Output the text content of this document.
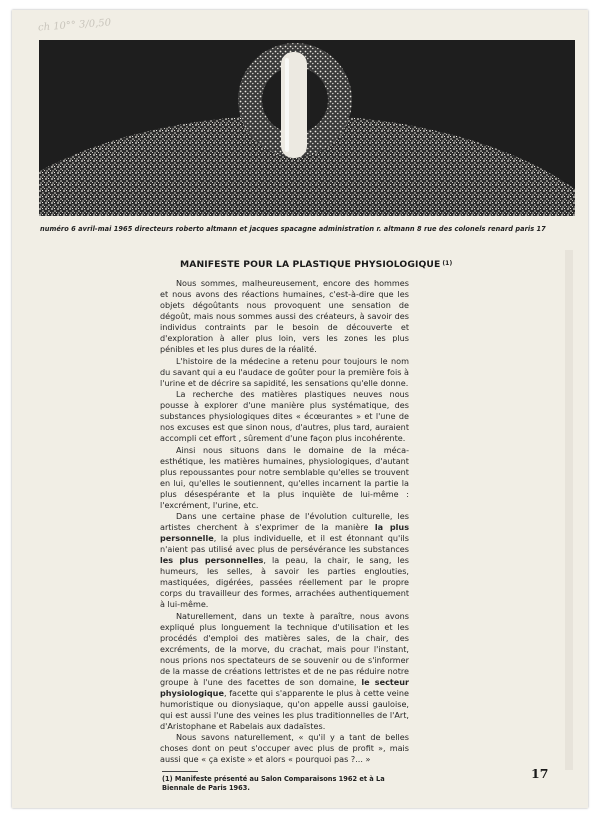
ch 10°° 3/0,50
numéro 6 avril-mai 1965 directeurs roberto altmann et jacques spacagne administration r. altmann 8 rue des colonels renard paris 17
MANIFESTE POUR LA PLASTIQUE PHYSIOLOGIQUE $^{(1)}$

Nous sommes, malheureusement, encore des hommes et nous avons des réactions humaines, c'est-à-dire que les objets dégoûtants nous provoquent une sensation de dégoût, mais nous sommes aussi des créateurs, à savoir des individus contraints par le besoin de découverte et d'exploration à aller plus loin, vers les zones les plus pénibles et les plus dures de la réalité.

L'histoire de la médecine a retenu pour toujours le nom du savant qui a eu l'audace de goûter pour la première fois à l'urine et de décrire sa sapidité, les sensations qu'elle donne.

La recherche des matières plastiques neuves nous pousse à explorer d'une manière plus systématique, des substances physiologiques dites « écœurantes » et l'une de nos excuses est que sinon nous, d'autres, plus tard, auraient accompli cet effort , sûrement d'une façon plus incohérente.

Ainsi nous situons dans le domaine de la méca-esthétique, les matières humaines, physiologiques, d'autant plus repoussantes pour notre semblable qu'elles se trouvent en lui, qu'elles le soutiennent, qu'elles incarnent la partie la plus désespérante et la plus inquiète de lui-même : l'excrément, l'urine, etc.

Dans une certaine phase de l'évolution culturelle, les artistes cherchent à s'exprimer de la manière la plus personnelle, la plus individuelle, et il est étonnant qu'ils n'aient pas utilisé avec plus de persévérance les substances les plus personnelles, la peau, la chair, le sang, les humeurs, les selles, à savoir les parties englouties, mastiquées, digérées, passées réellement par le propre corps du travailleur des formes, arrachées authentiquement à lui-même.

Naturellement, dans un texte à paraître, nous avons expliqué plus longuement la technique d'utilisation et les procédés d'emploi des matières sales, de la chair, des excréments, de la morve, du crachat, mais pour l'instant, nous prions nos spectateurs de se souvenir ou de s'informer de la masse de créations lettristes et de ne pas réduire notre groupe à l'une des facettes de son domaine, le secteur physiologique, facette qui s'apparente le plus à cette veine humoristique ou dionysiaque, qu'on appelle aussi gauloise, qui est aussi l'une des veines les plus traditionnelles de l'Art, d'Aristophane et Rabelais aux dadaïstes.

Nous savons naturellement, « qu'il y a tant de belles choses dont on peut s'occuper avec plus de profit », mais aussi que « ça existe » et alors « pourquoi pas ?... »

(1) Manifeste présenté au Salon Comparaisons 1962 et à La Biennale de Paris 1963.
17
